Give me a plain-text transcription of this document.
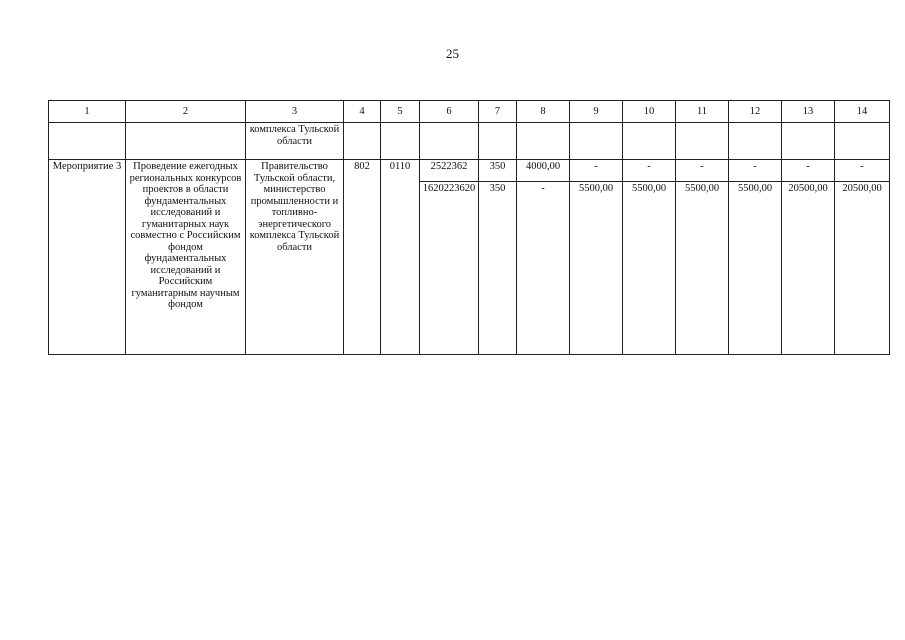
25
1	2	3	4	5	6	7	8	9	10	11	12	13	14
		комплекса Тульской области											
Мероприятие 3	Проведение ежегодных региональных конкурсов проектов в области фундаментальных исследований и гуманитарных наук совместно с Российским фондом фундаментальных исследований и Российским гуманитарным научным фондом	Правительство Тульской области, министерство промышленности и топливно-энергетического комплекса Тульской области	802	0110	2522362	350	4000,00	-	-	-	-	-	-
					1620223620	350	-	5500,00	5500,00	5500,00	5500,00	20500,00	20500,00
